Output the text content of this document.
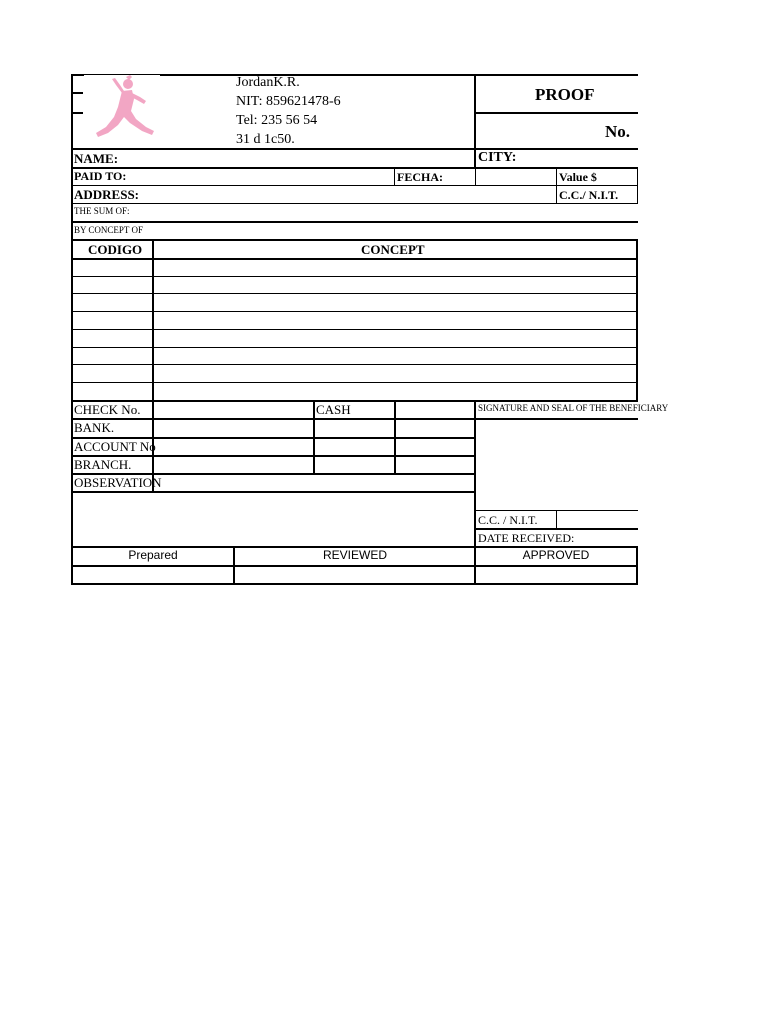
JordanK.R.
NIT: 859621478-6
Tel: 235 56 54
31 d 1c50.
PROOF
No.
NAME:	CITY:
PAID TO:	FECHA:	Value $
ADDRESS:	C.C./ N.I.T.
THE SUM OF:
BY CONCEPT OF
CODIGO	CONCEPT
CHECK No.	CASH	SIGNATURE AND SEAL OF THE BENEFICIARY
BANK.
ACCOUNT No
BRANCH.
OBSERVATION
C.C. / N.I.T.
DATE RECEIVED:
Prepared	REVIEWED	APPROVED
